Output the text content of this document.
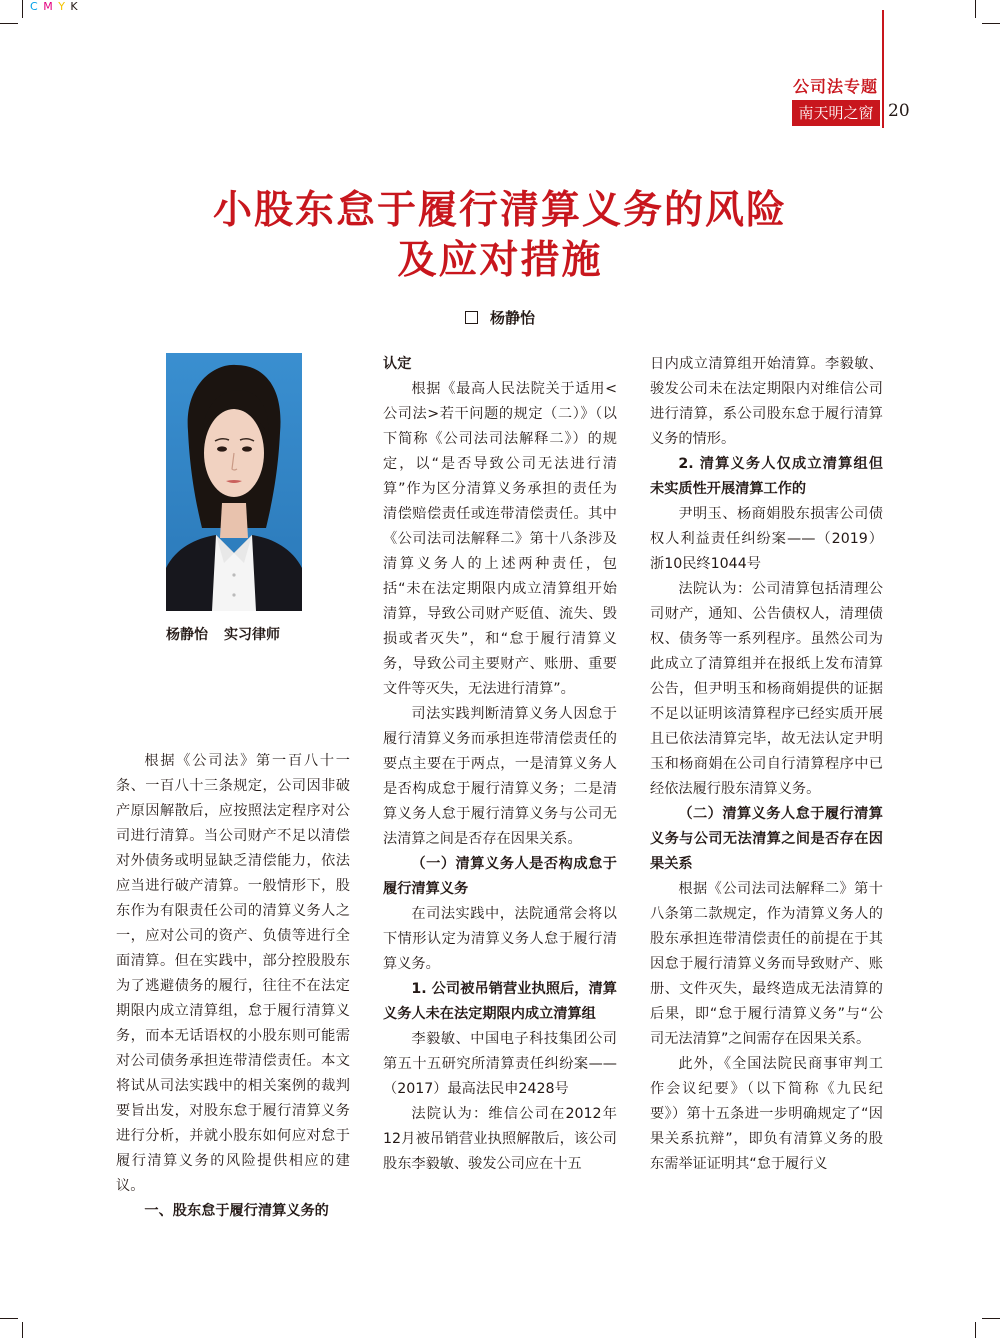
C M Y K
公司法专题
南天明之窗 20
小股东怠于履行清算义务的风险
及应对措施
杨静怡
杨静怡 实习律师

根据《公司法》第一百八十一条、一百八十三条规定，公司因非破产原因解散后，应按照法定程序对公司进行清算。当公司财产不足以清偿对外债务或明显缺乏清偿能力，依法应当进行破产清算。一般情形下，股东作为有限责任公司的清算义务人之一，应对公司的资产、负债等进行全面清算。但在实践中，部分控股股东为了逃避债务的履行，往往不在法定期限内成立清算组，怠于履行清算义务，而本无话语权的小股东则可能需对公司债务承担连带清偿责任。本文将试从司法实践中的相关案例的裁判要旨出发，对股东怠于履行清算义务进行分析，并就小股东如何应对怠于履行清算义务的风险提供相应的建议。

一、股东怠于履行清算义务的

认定

根据《最高人民法院关于适用<公司法>若干问题的规定（二）》（以下简称《公司法司法解释二》）的规定，以“是否导致公司无法进行清算”作为区分清算义务承担的责任为清偿赔偿责任或连带清偿责任。其中《公司法司法解释二》第十八条涉及清算义务人的上述两种责任，包括“未在法定期限内成立清算组开始清算，导致公司财产贬值、流失、毁损或者灭失”，和“怠于履行清算义务，导致公司主要财产、账册、重要文件等灭失，无法进行清算”。

司法实践判断清算义务人因怠于履行清算义务而承担连带清偿责任的要点主要在于两点，一是清算义务人是否构成怠于履行清算义务；二是清算义务人怠于履行清算义务与公司无法清算之间是否存在因果关系。

（一）清算义务人是否构成怠于履行清算义务

在司法实践中，法院通常会将以下情形认定为清算义务人怠于履行清算义务。

1. 公司被吊销营业执照后，清算义务人未在法定期限内成立清算组

李毅敏、中国电子科技集团公司第五十五研究所清算责任纠纷案——（2017）最高法民申2428号

法院认为：维信公司在2012年12月被吊销营业执照解散后，该公司股东李毅敏、骏发公司应在十五

日内成立清算组开始清算。李毅敏、骏发公司未在法定期限内对维信公司进行清算，系公司股东怠于履行清算义务的情形。

2. 清算义务人仅成立清算组但未实质性开展清算工作的

尹明玉、杨商娟股东损害公司债权人利益责任纠纷案——（2019）浙10民终1044号

法院认为：公司清算包括清理公司财产，通知、公告债权人，清理债权、债务等一系列程序。虽然公司为此成立了清算组并在报纸上发布清算公告，但尹明玉和杨商娟提供的证据不足以证明该清算程序已经实质开展且已依法清算完毕，故无法认定尹明玉和杨商娟在公司自行清算程序中已经依法履行股东清算义务。

（二）清算义务人怠于履行清算义务与公司无法清算之间是否存在因果关系

根据《公司法司法解释二》第十八条第二款规定，作为清算义务人的股东承担连带清偿责任的前提在于其因怠于履行清算义务而导致财产、账册、文件灭失，最终造成无法清算的后果，即“怠于履行清算义务”与“公司无法清算”之间需存在因果关系。

此外，《全国法院民商事审判工作会议纪要》（以下简称《九民纪要》）第十五条进一步明确规定了“因果关系抗辩”，即负有清算义务的股东需举证证明其“怠于履行义
